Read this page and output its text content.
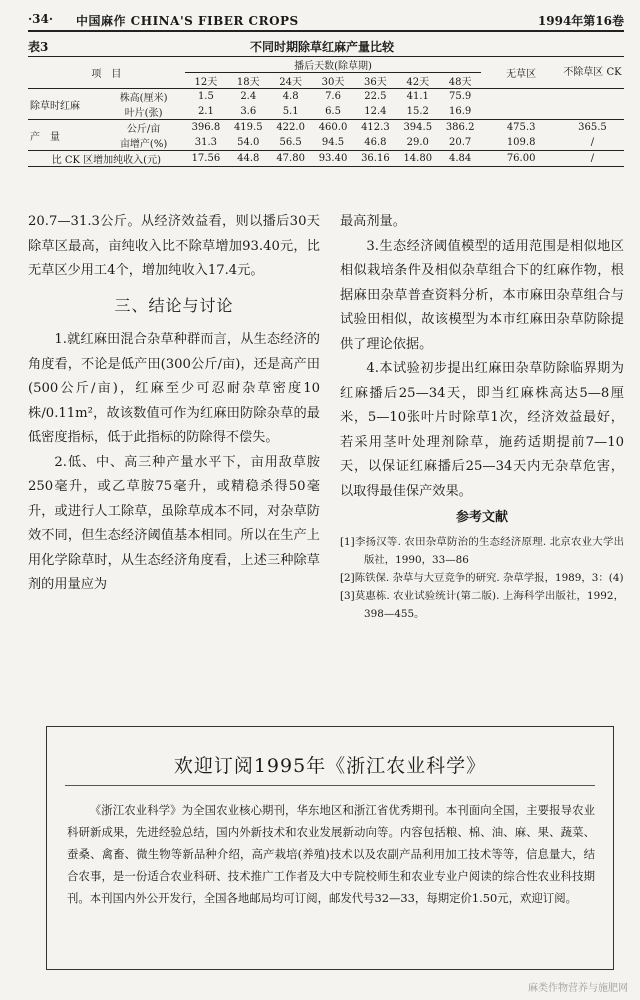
·34· 中国麻作 CHINA'S FIBER CROPS	1994年第16卷
表3	不同时期除草红麻产量比较
项　目		播后天数(除草期)							无草区	不除草区 CK
		12天	18天	24天	30天	36天	42天	48天		
除草时红麻	株高(厘米)	1.5	2.4	4.8	7.6	22.5	41.1	75.9		
	叶片(张)	2.1	3.6	5.1	6.5	12.4	15.2	16.9		
产　量	公斤/亩	396.8	419.5	422.0	460.0	412.3	394.5	386.2	475.3	365.5
	亩增产(%)	31.3	54.0	56.5	94.5	46.8	29.0	20.7	109.8	/
比 CK 区增加纯收入(元)		17.56	44.8	47.80	93.40	36.16	14.80	4.84	76.00	/

20.7—31.3公斤。从经济效益看，则以播后30天除草区最高，亩纯收入比不除草增加93.40元，比无草区少用工4个，增加纯收入17.4元。

三、结论与讨论

1.就红麻田混合杂草种群而言，从生态经济的角度看，不论是低产田(300公斤/亩)，还是高产田(500公斤/亩)，红麻至少可忍耐杂草密度10株/0.11m²，故该数值可作为红麻田防除杂草的最低密度指标，低于此指标的防除得不偿失。

2.低、中、高三种产量水平下，亩用敌草胺250毫升，或乙草胺75毫升，或精稳杀得50毫升，或进行人工除草，虽除草成本不同，对杂草防效不同，但生态经济阈值基本相同。所以在生产上用化学除草时，从生态经济角度看，上述三种除草剂的用量应为

最高剂量。

3.生态经济阈值模型的适用范围是相似地区相似栽培条件及相似杂草组合下的红麻作物，根据麻田杂草普查资料分析，本市麻田杂草组合与试验田相似，故该模型为本市红麻田杂草防除提供了理论依据。

4.本试验初步提出红麻田杂草防除临界期为红麻播后25—34天，即当红麻株高达5—8厘米，5—10张叶片时除草1次，经济效益最好，若采用茎叶处理剂除草，施药适期提前7—10天，以保证红麻播后25—34天内无杂草危害，以取得最佳保产效果。

参考文献

[1]李扬汉等. 农田杂草防治的生态经济原理. 北京农业大学出版社，1990，33—86

[2]陈铁保. 杂草与大豆竞争的研究. 杂草学报，1989，3：(4)

[3]莫惠栋. 农业试验统计(第二版). 上海科学出版社，1992，398—455。

欢迎订阅1995年《浙江农业科学》

《浙江农业科学》为全国农业核心期刊，华东地区和浙江省优秀期刊。本刊面向全国，主要报导农业科研新成果，先进经验总结，国内外新技术和农业发展新动向等。内容包括粮、棉、油、麻、果、蔬菜、蚕桑、禽畜、微生物等新品种介绍，高产栽培(养殖)技术以及农副产品利用加工技术等等，信息量大，结合农事，是一份适合农业科研、技术推广工作者及大中专院校师生和农业专业户阅读的综合性农业科技期刊。本刊国内外公开发行，全国各地邮局均可订阅，邮发代号32—33，每期定价1.50元，欢迎订阅。

麻类作物营养与施肥网
